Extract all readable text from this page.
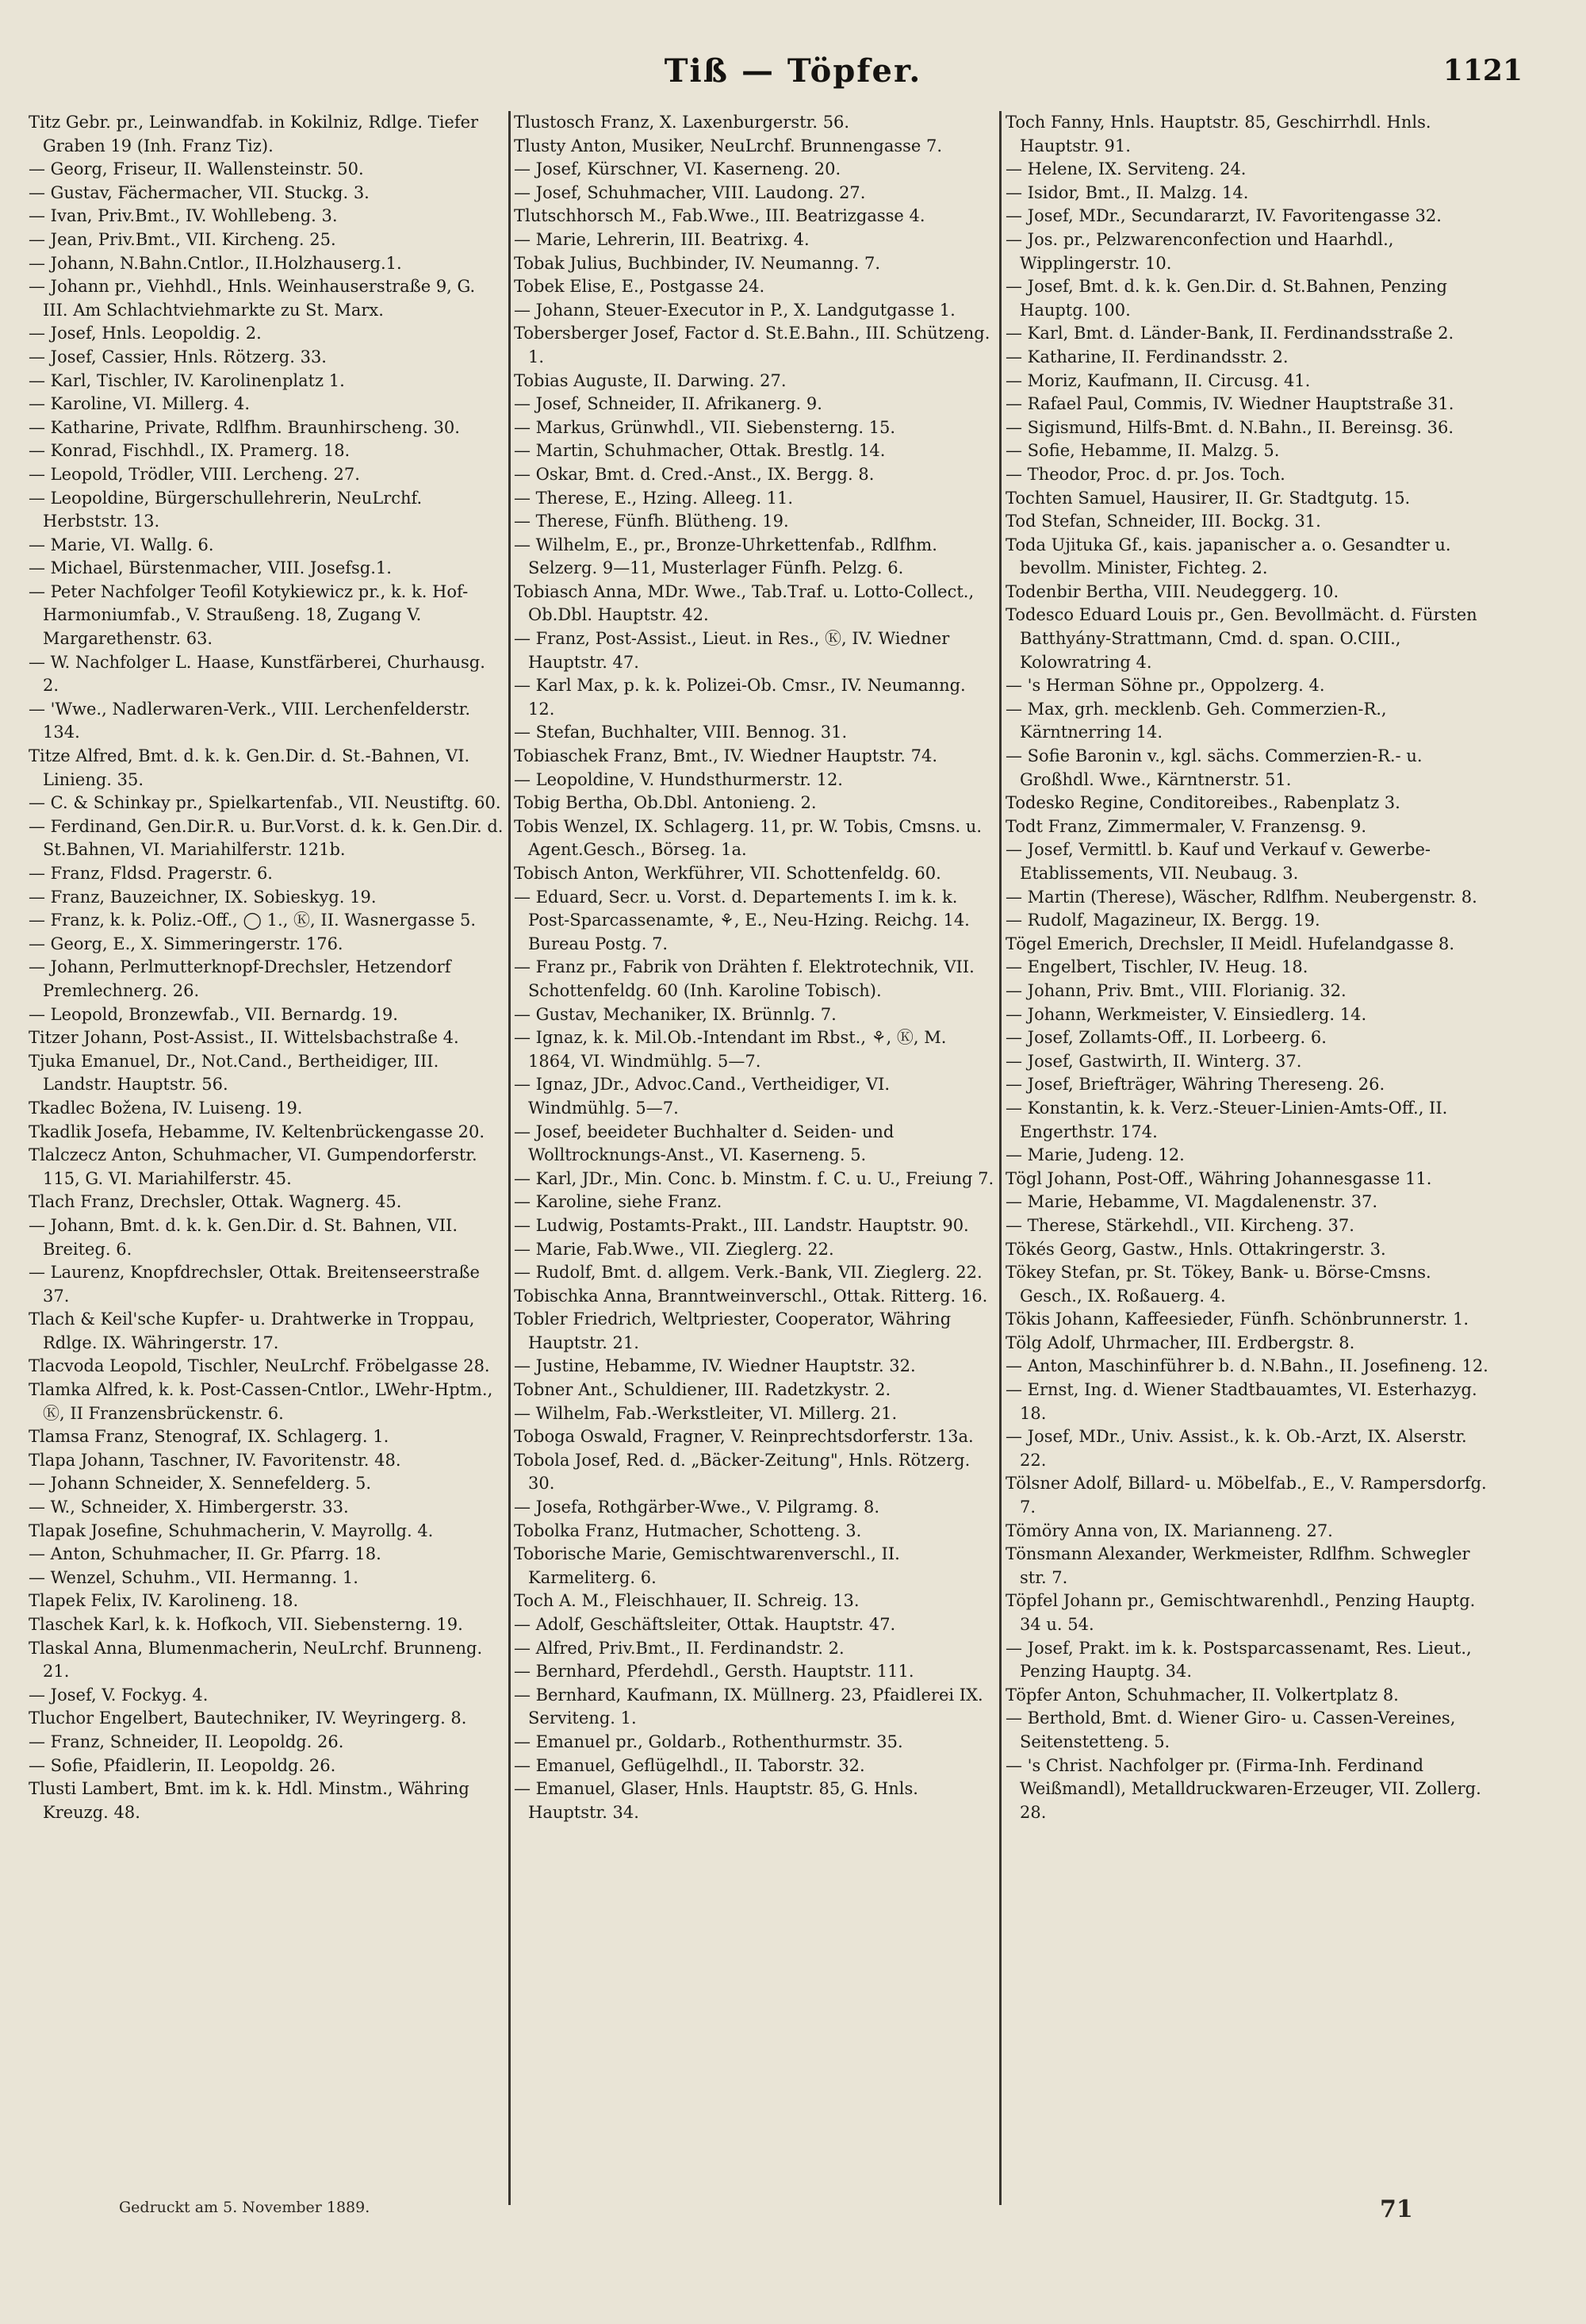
Tiß — Töpfer.	1121

Titz Gebr. pr., Leinwandfab. in Kokilniz, Rdlge. Tiefer Graben 19 (Inh. Franz Tiz).

— Georg, Friseur, II. Wallensteinstr. 50.

— Gustav, Fächermacher, VII. Stuckg. 3.

— Ivan, Priv.Bmt., IV. Wohllebeng. 3.

— Jean, Priv.Bmt., VII. Kircheng. 25.

— Johann, N.Bahn.Cntlor., II.Holzhauserg.1.

— Johann pr., Viehhdl., Hnls. Weinhauserstraße 9, G. III. Am Schlachtviehmarkte zu St. Marx.

— Josef, Hnls. Leopoldig. 2.

— Josef, Cassier, Hnls. Rötzerg. 33.

— Karl, Tischler, IV. Karolinenplatz 1.

— Karoline, VI. Millerg. 4.

— Katharine, Private, Rdlfhm. Braunhirscheng. 30.

— Konrad, Fischhdl., IX. Pramerg. 18.

— Leopold, Trödler, VIII. Lercheng. 27.

— Leopoldine, Bürgerschullehrerin, NeuLrchf. Herbststr. 13.

— Marie, VI. Wallg. 6.

— Michael, Bürstenmacher, VIII. Josefsg.1.

— Peter Nachfolger Teofil Kotykiewicz pr., k. k. Hof-Harmoniumfab., V. Straußeng. 18, Zugang V. Margarethenstr. 63.

— W. Nachfolger L. Haase, Kunstfärberei, Churhausg. 2.

— 'Wwe., Nadlerwaren-Verk., VIII. Lerchenfelderstr. 134.

Titze Alfred, Bmt. d. k. k. Gen.Dir. d. St.-Bahnen, VI. Linieng. 35.

— C. & Schinkay pr., Spielkartenfab., VII. Neustiftg. 60.

— Ferdinand, Gen.Dir.R. u. Bur.Vorst. d. k. k. Gen.Dir. d. St.Bahnen, VI. Mariahilferstr. 121b.

— Franz, Fldsd. Pragerstr. 6.

— Franz, Bauzeichner, IX. Sobieskyg. 19.

— Franz, k. k. Poliz.-Off., ◯ 1., Ⓚ, II. Wasnergasse 5.

— Georg, E., X. Simmeringerstr. 176.

— Johann, Perlmutterknopf-Drechsler, Hetzendorf Premlechnerg. 26.

— Leopold, Bronzewfab., VII. Bernardg. 19.

Titzer Johann, Post-Assist., II. Wittelsbachstraße 4.

Tjuka Emanuel, Dr., Not.Cand., Bertheidiger, III. Landstr. Hauptstr. 56.

Tkadlec Božena, IV. Luiseng. 19.

Tkadlik Josefa, Hebamme, IV. Keltenbrückengasse 20.

Tlalczecz Anton, Schuhmacher, VI. Gumpendorferstr. 115, G. VI. Mariahilferstr. 45.

Tlach Franz, Drechsler, Ottak. Wagnerg. 45.

— Johann, Bmt. d. k. k. Gen.Dir. d. St. Bahnen, VII. Breiteg. 6.

— Laurenz, Knopfdrechsler, Ottak. Breitenseerstraße 37.

Tlach & Keil'sche Kupfer- u. Drahtwerke in Troppau, Rdlge. IX. Währingerstr. 17.

Tlacvoda Leopold, Tischler, NeuLrchf. Fröbelgasse 28.

Tlamka Alfred, k. k. Post-Cassen-Cntlor., LWehr-Hptm., Ⓚ, II Franzensbrückenstr. 6.

Tlamsa Franz, Stenograf, IX. Schlagerg. 1.

Tlapa Johann, Taschner, IV. Favoritenstr. 48.

— Johann Schneider, X. Sennefelderg. 5.

— W., Schneider, X. Himbergerstr. 33.

Tlapak Josefine, Schuhmacherin, V. Mayrollg. 4.

— Anton, Schuhmacher, II. Gr. Pfarrg. 18.

— Wenzel, Schuhm., VII. Hermanng. 1.

Tlapek Felix, IV. Karolineng. 18.

Tlaschek Karl, k. k. Hofkoch, VII. Siebensterng. 19.

Tlaskal Anna, Blumenmacherin, NeuLrchf. Brunneng. 21.

— Josef, V. Fockyg. 4.

Tluchor Engelbert, Bautechniker, IV. Weyringerg. 8.

— Franz, Schneider, II. Leopoldg. 26.

— Sofie, Pfaidlerin, II. Leopoldg. 26.

Tlusti Lambert, Bmt. im k. k. Hdl. Minstm., Währing Kreuzg. 48.

Tlustosch Franz, X. Laxenburgerstr. 56.

Tlusty Anton, Musiker, NeuLrchf. Brunnengasse 7.

— Josef, Kürschner, VI. Kaserneng. 20.

— Josef, Schuhmacher, VIII. Laudong. 27.

Tlutschhorsch M., Fab.Wwe., III. Beatrizgasse 4.

— Marie, Lehrerin, III. Beatrixg. 4.

Tobak Julius, Buchbinder, IV. Neumanng. 7.

Tobek Elise, E., Postgasse 24.

— Johann, Steuer-Executor in P., X. Landgutgasse 1.

Tobersberger Josef, Factor d. St.E.Bahn., III. Schützeng. 1.

Tobias Auguste, II. Darwing. 27.

— Josef, Schneider, II. Afrikanerg. 9.

— Markus, Grünwhdl., VII. Siebensterng. 15.

— Martin, Schuhmacher, Ottak. Brestlg. 14.

— Oskar, Bmt. d. Cred.-Anst., IX. Bergg. 8.

— Therese, E., Hzing. Alleeg. 11.

— Therese, Fünfh. Blütheng. 19.

— Wilhelm, E., pr., Bronze-Uhrkettenfab., Rdlfhm. Selzerg. 9—11, Musterlager Fünfh. Pelzg. 6.

Tobiasch Anna, MDr. Wwe., Tab.Traf. u. Lotto-Collect., Ob.Dbl. Hauptstr. 42.

— Franz, Post-Assist., Lieut. in Res., Ⓚ, IV. Wiedner Hauptstr. 47.

— Karl Max, p. k. k. Polizei-Ob. Cmsr., IV. Neumanng. 12.

— Stefan, Buchhalter, VIII. Bennog. 31.

Tobiaschek Franz, Bmt., IV. Wiedner Hauptstr. 74.

— Leopoldine, V. Hundsthurmerstr. 12.

Tobig Bertha, Ob.Dbl. Antonieng. 2.

Tobis Wenzel, IX. Schlagerg. 11, pr. W. Tobis, Cmsns. u. Agent.Gesch., Börseg. 1a.

Tobisch Anton, Werkführer, VII. Schottenfeldg. 60.

— Eduard, Secr. u. Vorst. d. Departements I. im k. k. Post-Sparcassenamte, ⚘, E., Neu-Hzing. Reichg. 14. Bureau Postg. 7.

— Franz pr., Fabrik von Drähten f. Elektrotechnik, VII. Schottenfeldg. 60 (Inh. Karoline Tobisch).

— Gustav, Mechaniker, IX. Brünnlg. 7.

— Ignaz, k. k. Mil.Ob.-Intendant im Rbst., ⚘, Ⓚ, M. 1864, VI. Windmühlg. 5—7.

— Ignaz, JDr., Advoc.Cand., Vertheidiger, VI. Windmühlg. 5—7.

— Josef, beeideter Buchhalter d. Seiden- und Wolltrocknungs-Anst., VI. Kaserneng. 5.

— Karl, JDr., Min. Conc. b. Minstm. f. C. u. U., Freiung 7.

— Karoline, siehe Franz.

— Ludwig, Postamts-Prakt., III. Landstr. Hauptstr. 90.

— Marie, Fab.Wwe., VII. Zieglerg. 22.

— Rudolf, Bmt. d. allgem. Verk.-Bank, VII. Zieglerg. 22.

Tobischka Anna, Branntweinverschl., Ottak. Ritterg. 16.

Tobler Friedrich, Weltpriester, Cooperator, Währing Hauptstr. 21.

— Justine, Hebamme, IV. Wiedner Hauptstr. 32.

Tobner Ant., Schuldiener, III. Radetzkystr. 2.

— Wilhelm, Fab.-Werkstleiter, VI. Millerg. 21.

Toboga Oswald, Fragner, V. Reinprechtsdorferstr. 13a.

Tobola Josef, Red. d. „Bäcker-Zeitung", Hnls. Rötzerg. 30.

— Josefa, Rothgärber-Wwe., V. Pilgramg. 8.

Tobolka Franz, Hutmacher, Schotteng. 3.

Toborische Marie, Gemischtwarenverschl., II. Karmeliterg. 6.

Toch A. M., Fleischhauer, II. Schreig. 13.

— Adolf, Geschäftsleiter, Ottak. Hauptstr. 47.

— Alfred, Priv.Bmt., II. Ferdinandstr. 2.

— Bernhard, Pferdehdl., Gersth. Hauptstr. 111.

— Bernhard, Kaufmann, IX. Müllnerg. 23, Pfaidlerei IX. Serviteng. 1.

— Emanuel pr., Goldarb., Rothenthurmstr. 35.

— Emanuel, Geflügelhdl., II. Taborstr. 32.

— Emanuel, Glaser, Hnls. Hauptstr. 85, G. Hnls. Hauptstr. 34.

Toch Fanny, Hnls. Hauptstr. 85, Geschirrhdl. Hnls. Hauptstr. 91.

— Helene, IX. Serviteng. 24.

— Isidor, Bmt., II. Malzg. 14.

— Josef, MDr., Secundararzt, IV. Favoritengasse 32.

— Jos. pr., Pelzwarenconfection und Haarhdl., Wipplingerstr. 10.

— Josef, Bmt. d. k. k. Gen.Dir. d. St.Bahnen, Penzing Hauptg. 100.

— Karl, Bmt. d. Länder-Bank, II. Ferdinandsstraße 2.

— Katharine, II. Ferdinandsstr. 2.

— Moriz, Kaufmann, II. Circusg. 41.

— Rafael Paul, Commis, IV. Wiedner Hauptstraße 31.

— Sigismund, Hilfs-Bmt. d. N.Bahn., II. Bereinsg. 36.

— Sofie, Hebamme, II. Malzg. 5.

— Theodor, Proc. d. pr. Jos. Toch.

Tochten Samuel, Hausirer, II. Gr. Stadtgutg. 15.

Tod Stefan, Schneider, III. Bockg. 31.

Toda Ujituka Gf., kais. japanischer a. o. Gesandter u. bevollm. Minister, Fichteg. 2.

Todenbir Bertha, VIII. Neudeggerg. 10.

Todesco Eduard Louis pr., Gen. Bevollmächt. d. Fürsten Batthyány-Strattmann, Cmd. d. span. O.CIII., Kolowratring 4.

— 's Herman Söhne pr., Oppolzerg. 4.

— Max, grh. mecklenb. Geh. Commerzien-R., Kärntnerring 14.

— Sofie Baronin v., kgl. sächs. Commerzien-R.- u. Großhdl. Wwe., Kärntnerstr. 51.

Todesko Regine, Conditoreibes., Rabenplatz 3.

Todt Franz, Zimmermaler, V. Franzensg. 9.

— Josef, Vermittl. b. Kauf und Verkauf v. Gewerbe-Etablissements, VII. Neubaug. 3.

— Martin (Therese), Wäscher, Rdlfhm. Neubergenstr. 8.

— Rudolf, Magazineur, IX. Bergg. 19.

Tögel Emerich, Drechsler, II Meidl. Hufelandgasse 8.

— Engelbert, Tischler, IV. Heug. 18.

— Johann, Priv. Bmt., VIII. Florianig. 32.

— Johann, Werkmeister, V. Einsiedlerg. 14.

— Josef, Zollamts-Off., II. Lorbeerg. 6.

— Josef, Gastwirth, II. Winterg. 37.

— Josef, Briefträger, Währing Thereseng. 26.

— Konstantin, k. k. Verz.-Steuer-Linien-Amts-Off., II. Engerthstr. 174.

— Marie, Judeng. 12.

Tögl Johann, Post-Off., Währing Johannesgasse 11.

— Marie, Hebamme, VI. Magdalenenstr. 37.

— Therese, Stärkehdl., VII. Kircheng. 37.

Tökés Georg, Gastw., Hnls. Ottakringerstr. 3.

Tökey Stefan, pr. St. Tökey, Bank- u. Börse-Cmsns. Gesch., IX. Roßauerg. 4.

Tökis Johann, Kaffeesieder, Fünfh. Schönbrunnerstr. 1.

Tölg Adolf, Uhrmacher, III. Erdbergstr. 8.

— Anton, Maschinführer b. d. N.Bahn., II. Josefineng. 12.

— Ernst, Ing. d. Wiener Stadtbauamtes, VI. Esterhazyg. 18.

— Josef, MDr., Univ. Assist., k. k. Ob.-Arzt, IX. Alserstr. 22.

Tölsner Adolf, Billard- u. Möbelfab., E., V. Rampersdorfg. 7.

Tömöry Anna von, IX. Marianneng. 27.

Tönsmann Alexander, Werkmeister, Rdlfhm. Schwegler str. 7.

Töpfel Johann pr., Gemischtwarenhdl., Penzing Hauptg. 34 u. 54.

— Josef, Prakt. im k. k. Postsparcassenamt, Res. Lieut., Penzing Hauptg. 34.

Töpfer Anton, Schuhmacher, II. Volkertplatz 8.

— Berthold, Bmt. d. Wiener Giro- u. Cassen-Vereines, Seitenstetteng. 5.

— 's Christ. Nachfolger pr. (Firma-Inh. Ferdinand Weißmandl), Metalldruckwaren-Erzeuger, VII. Zollerg. 28.

Gedruckt am 5. November 1889.	71
